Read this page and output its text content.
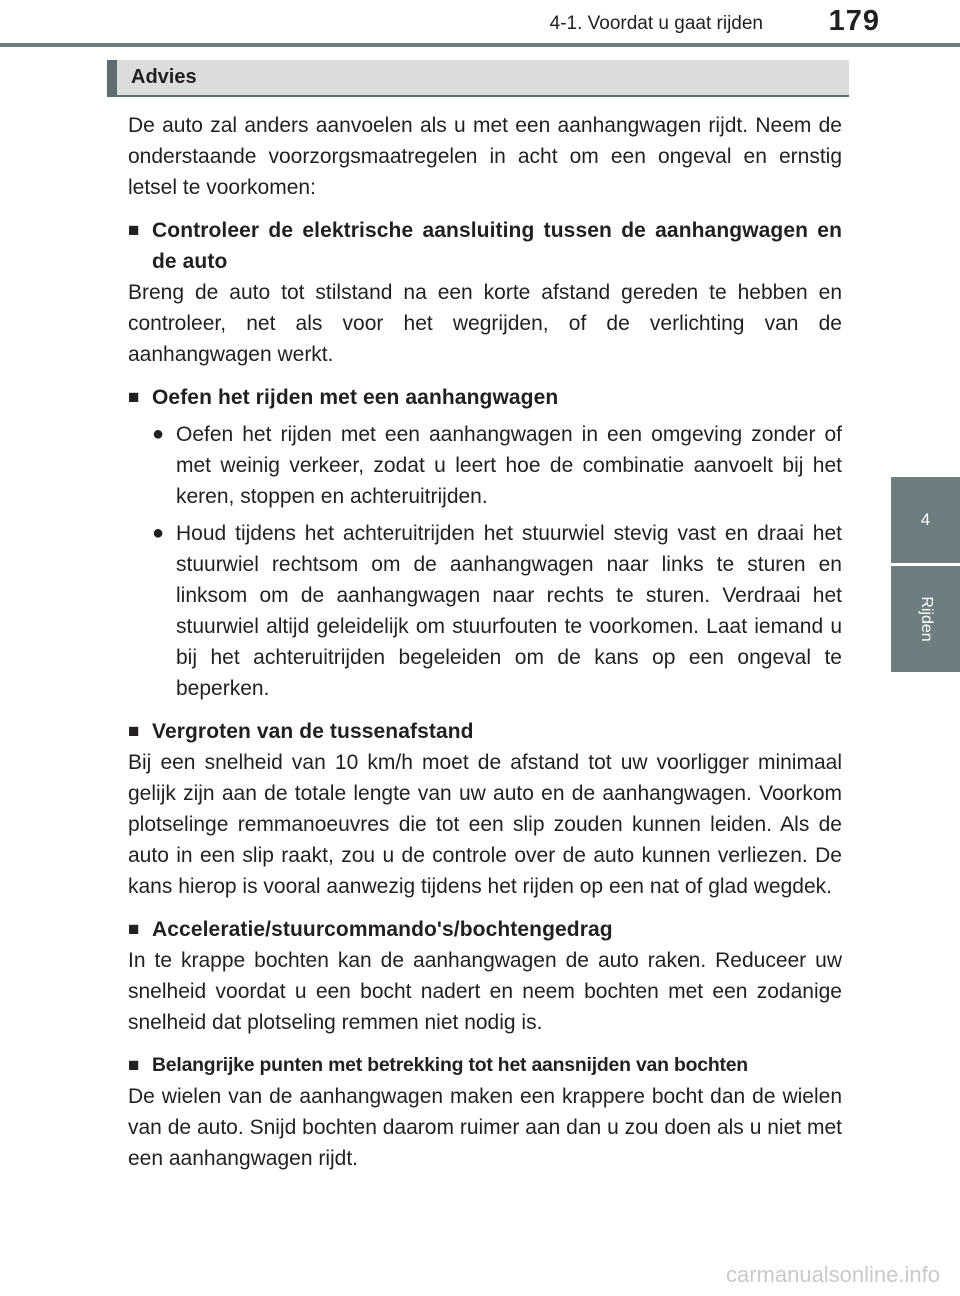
4-1. Voordat u gaat rijden	179
4
Rijden
Advies

De auto zal anders aanvoelen als u met een aanhangwagen rijdt. Neem de onderstaande voorzorgsmaatregelen in acht om een ongeval en ernstig letsel te voorkomen:

■ Controleer de elektrische aansluiting tussen de aanhangwagen en de auto

Breng de auto tot stilstand na een korte afstand gereden te hebben en controleer, net als voor het wegrijden, of de verlichting van de aanhangwagen werkt.

■ Oefen het rijden met een aanhangwagen
● Oefen het rijden met een aanhangwagen in een omgeving zonder of met weinig verkeer, zodat u leert hoe de combinatie aanvoelt bij het keren, stoppen en achteruitrijden.
● Houd tijdens het achteruitrijden het stuurwiel stevig vast en draai het stuurwiel rechtsom om de aanhangwagen naar links te sturen en linksom om de aanhangwagen naar rechts te sturen. Verdraai het stuurwiel altijd geleidelijk om stuurfouten te voorkomen. Laat iemand u bij het achteruitrijden begeleiden om de kans op een ongeval te beperken.
■ Vergroten van de tussenafstand

Bij een snelheid van 10 km/h moet de afstand tot uw voorligger minimaal gelijk zijn aan de totale lengte van uw auto en de aanhangwagen. Voorkom plotselinge remmanoeuvres die tot een slip zouden kunnen leiden. Als de auto in een slip raakt, zou u de controle over de auto kunnen verliezen. De kans hierop is vooral aanwezig tijdens het rijden op een nat of glad wegdek.

■ Acceleratie/stuurcommando's/bochtengedrag

In te krappe bochten kan de aanhangwagen de auto raken. Reduceer uw snelheid voordat u een bocht nadert en neem bochten met een zodanige snelheid dat plotseling remmen niet nodig is.

■ Belangrijke punten met betrekking tot het aansnijden van bochten

De wielen van de aanhangwagen maken een krappere bocht dan de wielen van de auto. Snijd bochten daarom ruimer aan dan u zou doen als u niet met een aanhangwagen rijdt.

carmanualsonline.info
